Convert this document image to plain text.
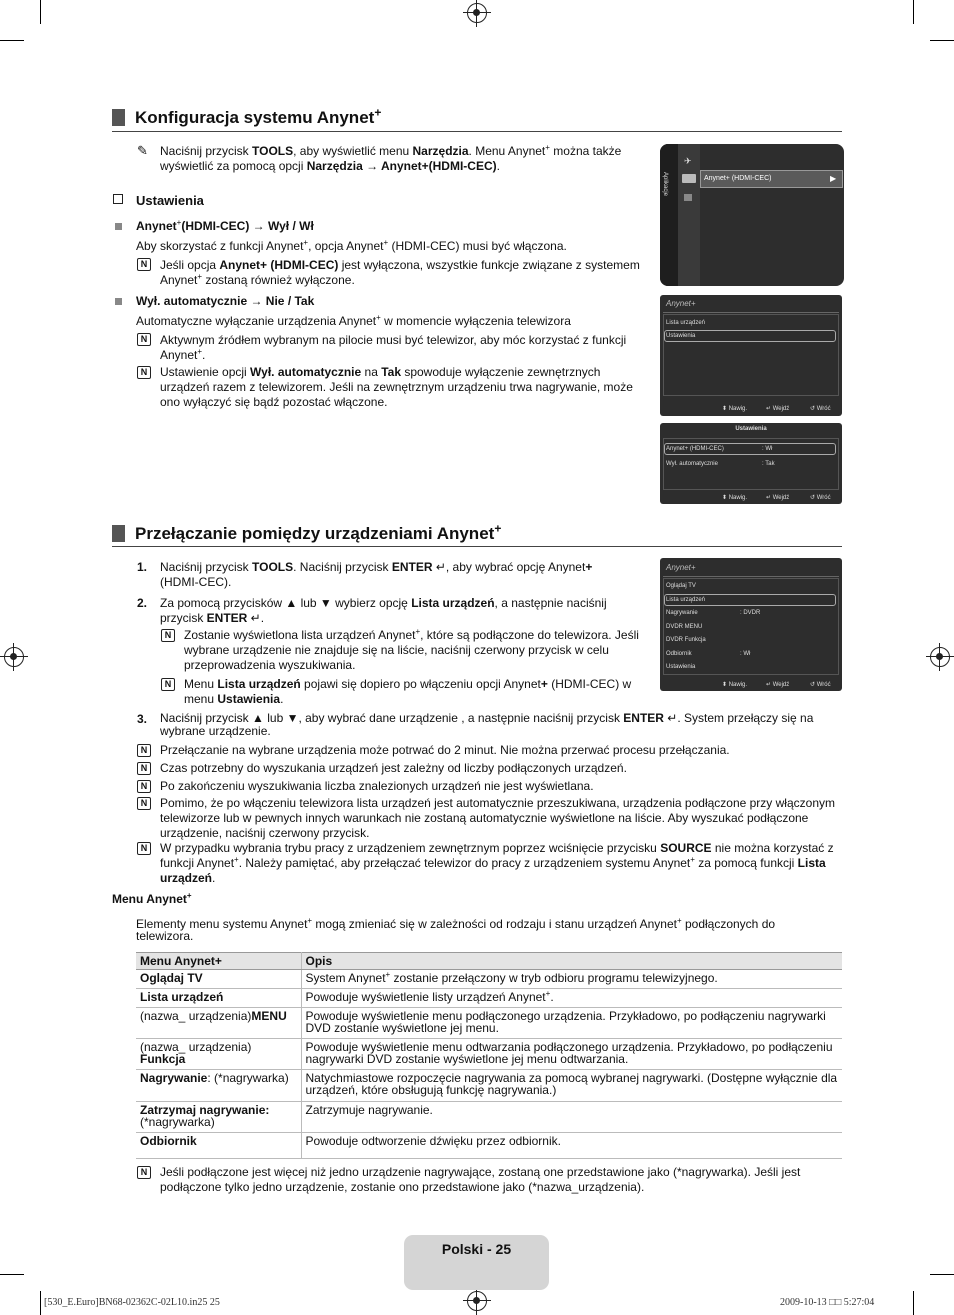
Konfiguracja systemu Anynet+
✎ Naciśnij przycisk TOOLS, aby wyświetlić menu Narzędzia. Menu Anynet+ można także wyświetlić za pomocą opcji Narzędzia → Anynet+(HDMI-CEC).
Ustawienia
Anynet+(HDMI-CEC) → Wył / Wł
Aby skorzystać z funkcji Anynet+, opcja Anynet+ (HDMI-CEC) musi być włączona.
N	Jeśli opcja Anynet+ (HDMI-CEC) jest wyłączona, wszystkie funkcje związane z systemem Anynet+ zostaną również wyłączone.
Wył. automatycznie → Nie / Tak
Automatyczne wyłączanie urządzenia Anynet+ w momencie wyłączenia telewizora
N	Aktywnym źródłem wybranym na pilocie musi być telewizor, aby móc korzystać z funkcji Anynet+.
N	Ustawienie opcji Wył. automatycznie na Tak spowoduje wyłączenie zewnętrznych urządzeń razem z telewizorem. Jeśli na zewnętrznym urządzeniu trwa nagrywanie, może ono wyłączyć się bądź pozostać włączone.
Aplikacje
✈
Anynet+ (HDMI-CEC)	▶
Anynet+
Lista urządzeń
Ustawienia
⬍ Nawig.	↵ Wejdź	↺ Wróć
Ustawienia
Anynet+ (HDMI-CEC)	: Wł
Wył. automatycznie	: Tak
⬍ Nawig.	↵ Wejdź	↺ Wróć
Przełączanie pomiędzy urządzeniami Anynet+
1. Naciśnij przycisk TOOLS. Naciśnij przycisk ENTER ↵, aby wybrać opcję Anynet+ (HDMI-CEC).
2. Za pomocą przycisków ▲ lub ▼ wybierz opcję Lista urządzeń, a następnie naciśnij przycisk ENTER ↵.
N	Zostanie wyświetlona lista urządzeń Anynet+, które są podłączone do telewizora. Jeśli wybrane urządzenie nie znajduje się na liście, naciśnij czerwony przycisk w celu przeprowadzenia wyszukiwania.
N	Menu Lista urządzeń pojawi się dopiero po włączeniu opcji Anynet+ (HDMI-CEC) w menu Ustawienia.
3. Naciśnij przycisk ▲ lub ▼, aby wybrać dane urządzenie , a następnie naciśnij przycisk ENTER ↵. System przełączy się na wybrane urządzenie.
Anynet+
Oglądaj TV
Lista urządzeń
Nagrywanie	: DVDR
DVDR MENU
DVDR Funkcja
Odbiornik	: Wł
Ustawienia
⬍ Nawig.	↵ Wejdź	↺ Wróć
N	Przełączanie na wybrane urządzenia może potrwać do 2 minut. Nie można przerwać procesu przełączania.
N	Czas potrzebny do wyszukania urządzeń jest zależny od liczby podłączonych urządzeń.
N	Po zakończeniu wyszukiwania liczba znalezionych urządzeń nie jest wyświetlana.
N	Pomimo, że po włączeniu telewizora lista urządzeń jest automatycznie przeszukiwana, urządzenia podłączone przy włączonym telewizorze lub w pewnych innych warunkach nie zostaną automatycznie wyświetlone na liście. Aby wyszukać podłączone urządzenie, naciśnij czerwony przycisk.
N	W przypadku wybrania trybu pracy z urządzeniem zewnętrznym poprzez wciśnięcie przycisku SOURCE nie można korzystać z funkcji Anynet+. Należy pamiętać, aby przełączać telewizor do pracy z urządzeniem systemu Anynet+ za pomocą funkcji Lista urządzeń.
Menu Anynet+
Elementy menu systemu Anynet+ mogą zmieniać się w zależności od rodzaju i stanu urządzeń Anynet+ podłączonych do telewizora.
Menu Anynet+	Opis
Oglądaj TV	System Anynet+ zostanie przełączony w tryb odbioru programu telewizyjnego.
Lista urządzeń	Powoduje wyświetlenie listy urządzeń Anynet+.
(nazwa_ urządzenia)MENU	Powoduje wyświetlenie menu podłączonego urządzenia. Przykładowo, po podłączeniu nagrywarki DVD zostanie wyświetlone jej menu.
(nazwa_ urządzenia) Funkcja	Powoduje wyświetlenie menu odtwarzania podłączonego urządzenia. Przykładowo, po podłączeniu nagrywarki DVD zostanie wyświetlone jej menu odtwarzania.
Nagrywanie: (*nagrywarka)	Natychmiastowe rozpoczęcie nagrywania za pomocą wybranej nagrywarki. (Dostępne wyłącznie dla urządzeń, które obsługują funkcję nagrywania.)
Zatrzymaj nagrywanie: (*nagrywarka)	Zatrzymuje nagrywanie.
Odbiornik	Powoduje odtworzenie dźwięku przez odbiornik.
N	Jeśli podłączone jest więcej niż jedno urządzenie nagrywające, zostaną one przedstawione jako (*nagrywarka). Jeśli jest podłączone tylko jedno urządzenie, zostanie ono przedstawione jako (*nazwa_urządzenia).
Polski - 25
[530_E.Euro]BN68-02362C-02L10.in25 25	2009-10-13 □□ 5:27:04
